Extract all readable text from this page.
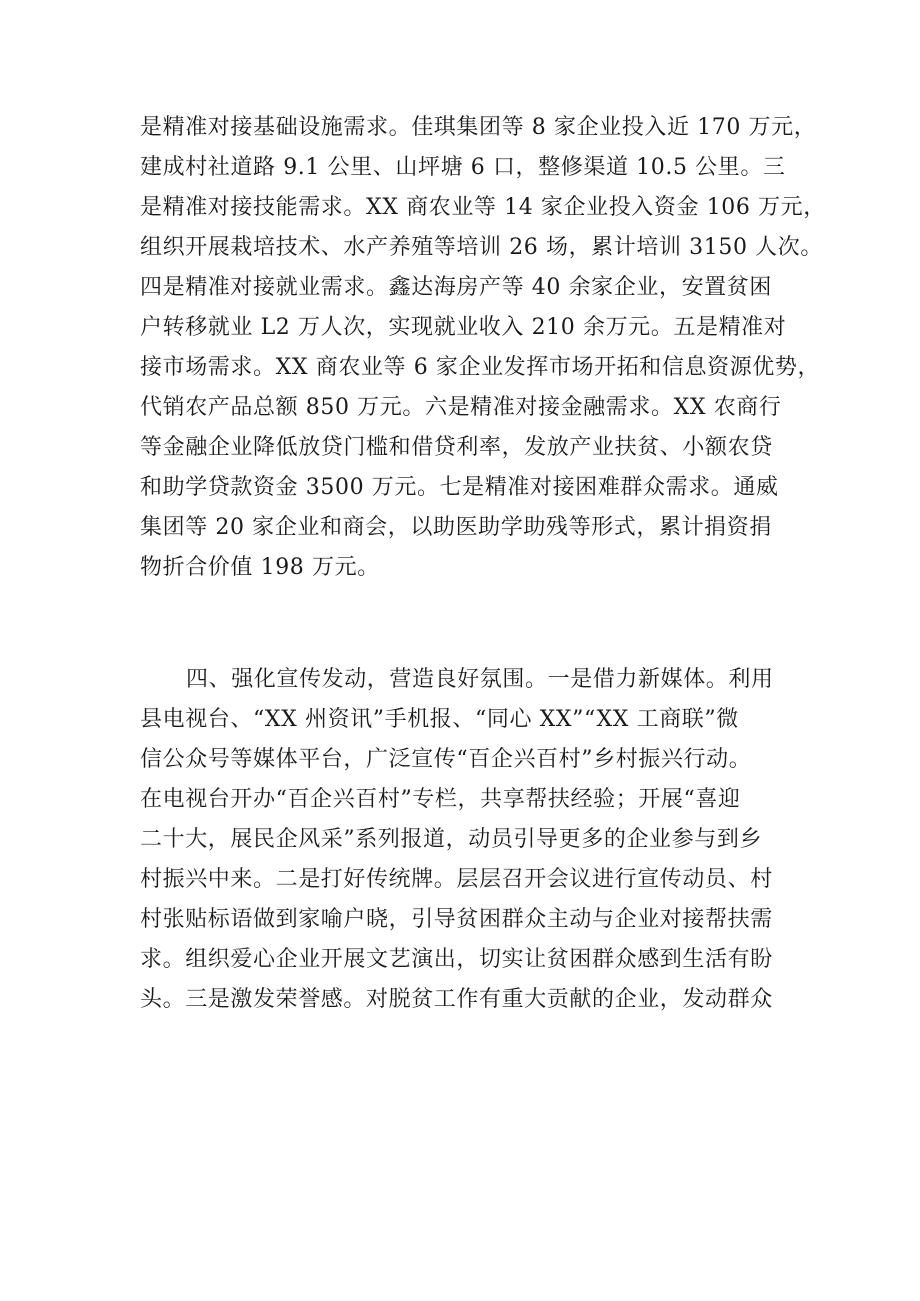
是精准对接基础设施需求。佳琪集团等 8 家企业投入近 170 万元，
建成村社道路 9.1 公里、山坪塘 6 口，整修渠道 10.5 公里。三
是精准对接技能需求。XX 商农业等 14 家企业投入资金 106 万元，
组织开展栽培技术、水产养殖等培训 26 场，累计培训 3150 人次。
四是精准对接就业需求。鑫达海房产等 40 余家企业，安置贫困
户转移就业 L2 万人次，实现就业收入 210 余万元。五是精准对
接市场需求。XX 商农业等 6 家企业发挥市场开拓和信息资源优势，
代销农产品总额 850 万元。六是精准对接金融需求。XX 农商行
等金融企业降低放贷门槛和借贷利率，发放产业扶贫、小额农贷
和助学贷款资金 3500 万元。七是精准对接困难群众需求。通威
集团等 20 家企业和商会，以助医助学助残等形式，累计捐资捐
物折合价值 198 万元。
四、强化宣传发动，营造良好氛围。一是借力新媒体。利用
县电视台、“XX 州资讯”手机报、“同心 XX”“XX 工商联”微
信公众号等媒体平台，广泛宣传“百企兴百村”乡村振兴行动。
在电视台开办“百企兴百村”专栏，共享帮扶经验；开展“喜迎
二十大，展民企风采”系列报道，动员引导更多的企业参与到乡
村振兴中来。二是打好传统牌。层层召开会议进行宣传动员、村
村张贴标语做到家喻户晓，引导贫困群众主动与企业对接帮扶需
求。组织爱心企业开展文艺演出，切实让贫困群众感到生活有盼
头。三是激发荣誉感。对脱贫工作有重大贡献的企业，发动群众
